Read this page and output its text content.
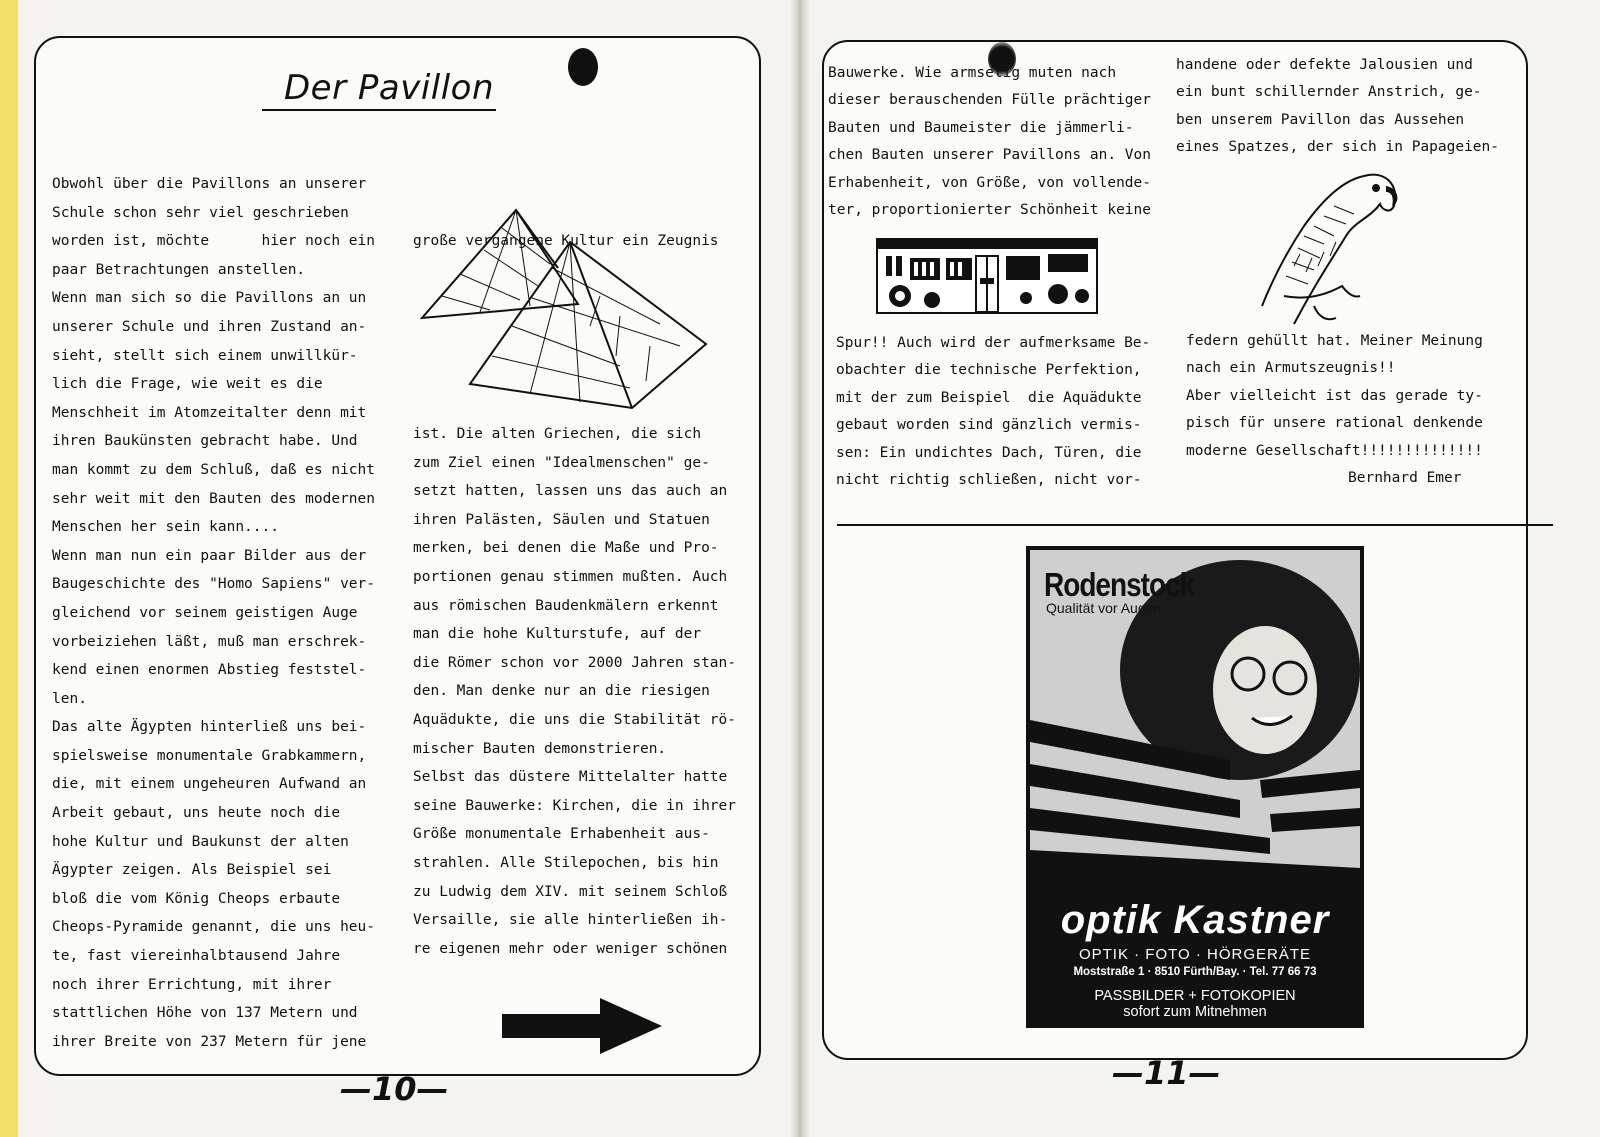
Der Pavillon
Obwohl über die Pavillons an unserer
Schule schon sehr viel geschrieben
worden ist, möchte      hier noch ein
paar Betrachtungen anstellen.
Wenn man sich so die Pavillons an un
unserer Schule und ihren Zustand an-
sieht, stellt sich einem unwillkür-
lich die Frage, wie weit es die
Menschheit im Atomzeitalter denn mit
ihren Baukünsten gebracht habe. Und
man kommt zu dem Schluß, daß es nicht
sehr weit mit den Bauten des modernen
Menschen her sein kann....
Wenn man nun ein paar Bilder aus der
Baugeschichte des "Homo Sapiens" ver-
gleichend vor seinem geistigen Auge
vorbeiziehen läßt, muß man erschrek-
kend einen enormen Abstieg feststel-
len.
Das alte Ägypten hinterließ uns bei-
spielsweise monumentale Grabkammern,
die, mit einem ungeheuren Aufwand an
Arbeit gebaut, uns heute noch die
hohe Kultur und Baukunst der alten
Ägypter zeigen. Als Beispiel sei
bloß die vom König Cheops erbaute
Cheops-Pyramide genannt, die uns heu-
te, fast viereinhalbtausend Jahre
noch ihrer Errichtung, mit ihrer
stattlichen Höhe von 137 Metern und
ihrer Breite von 237 Metern für jene

große vergangene Kultur ein Zeugnis

ist. Die alten Griechen, die sich
zum Ziel einen "Idealmenschen" ge-
setzt hatten, lassen uns das auch an
ihren Palästen, Säulen und Statuen
merken, bei denen die Maße und Pro-
portionen genau stimmen mußten. Auch
aus römischen Baudenkmälern erkennt
man die hohe Kulturstufe, auf der
die Römer schon vor 2000 Jahren stan-
den. Man denke nur an die riesigen
Aquädukte, die uns die Stabilität rö-
mischer Bauten demonstrieren.
Selbst das düstere Mittelalter hatte
seine Bauwerke: Kirchen, die in ihrer
Größe monumentale Erhabenheit aus-
strahlen. Alle Stilepochen, bis hin
zu Ludwig dem XIV. mit seinem Schloß
Versaille, sie alle hinterließen ih-
re eigenen mehr oder weniger schönen
—10—
Bauwerke. Wie armselig muten nach
dieser berauschenden Fülle prächtiger
Bauten und Baumeister die jämmerli-
chen Bauten unserer Pavillons an. Von
Erhabenheit, von Größe, von vollende-
ter, proportionierter Schönheit keine
Spur!! Auch wird der aufmerksame Be-
obachter die technische Perfektion,
mit der zum Beispiel  die Aquädukte
gebaut worden sind gänzlich vermis-
sen: Ein undichtes Dach, Türen, die
nicht richtig schließen, nicht vor-
handene oder defekte Jalousien und
ein bunt schillernder Anstrich, ge-
ben unserem Pavillon das Aussehen
eines Spatzes, der sich in Papageien-
federn gehüllt hat. Meiner Meinung
nach ein Armutszeugnis!!
Aber vielleicht ist das gerade ty-
pisch für unsere rational denkende
moderne Gesellschaft!!!!!!!!!!!!!!
Bernhard Emer
Rodenstock
Qualität vor Augen
optik Kastner
OPTIK · FOTO · HÖRGERÄTE
Moststraße 1 · 8510 Fürth/Bay. · Tel. 77 66 73
PASSBILDER + FOTOKOPIEN
sofort zum Mitnehmen
—11—
